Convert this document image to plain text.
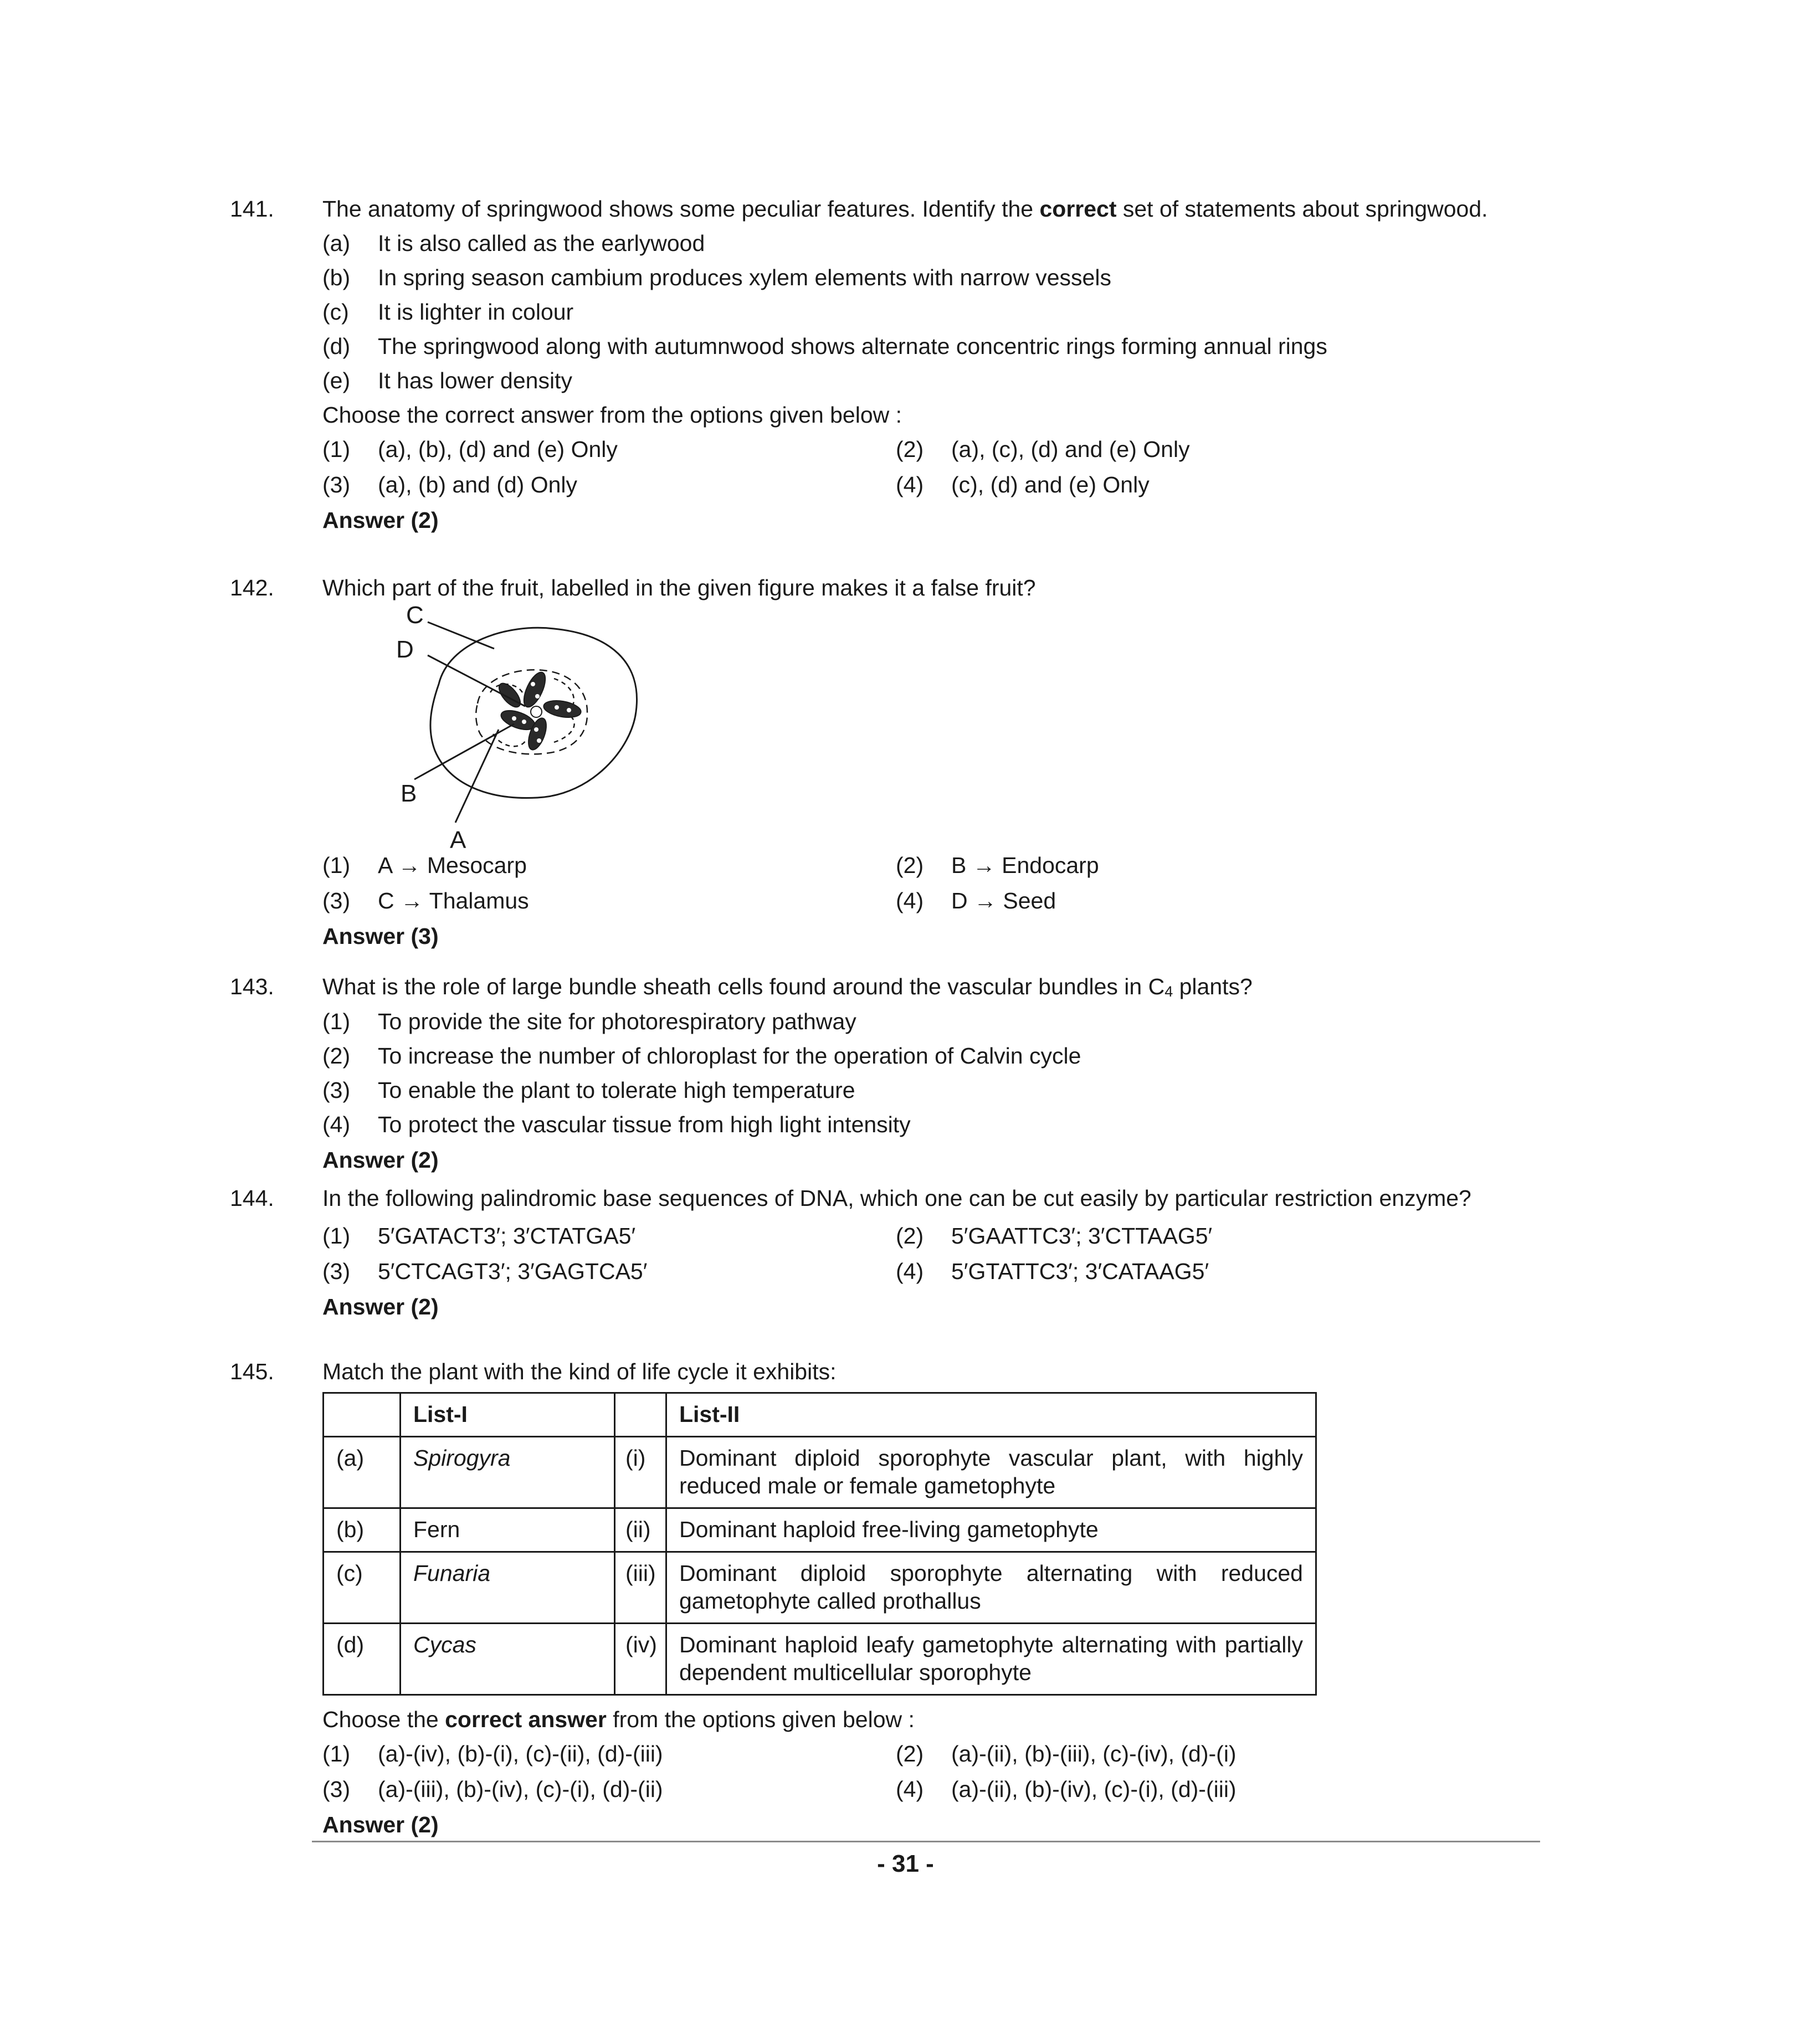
141. The anatomy of springwood shows some peculiar features. Identify the correct set of statements about springwood.
(a) It is also called as the earlywood
(b) In spring season cambium produces xylem elements with narrow vessels
(c) It is lighter in colour
(d) The springwood along with autumnwood shows alternate concentric rings forming annual rings
(e) It has lower density
Choose the correct answer from the options given below :
(1) (a), (b), (d) and (e) Only	(2) (a), (c), (d) and (e) Only
(3) (a), (b) and (d) Only	(4) (c), (d) and (e) Only
Answer (2)
142. Which part of the fruit, labelled in the given figure makes it a false fruit?
C
D
B
A
(1) A → Mesocarp	(2) B → Endocarp
(3) C → Thalamus	(4) D → Seed
Answer (3)
143. What is the role of large bundle sheath cells found around the vascular bundles in C4 plants?
(1) To provide the site for photorespiratory pathway
(2) To increase the number of chloroplast for the operation of Calvin cycle
(3) To enable the plant to tolerate high temperature
(4) To protect the vascular tissue from high light intensity
Answer (2)
144. In the following palindromic base sequences of DNA, which one can be cut easily by particular restriction enzyme?
(1) 5′GATACT3′; 3′CTATGA5′	(2) 5′GAATTC3′; 3′CTTAAG5′
(3) 5′CTCAGT3′; 3′GAGTCA5′	(4) 5′GTATTC3′; 3′CATAAG5′
Answer (2)
145. Match the plant with the kind of life cycle it exhibits:
	List-I		List-II
(a)	Spirogyra	(i)	Dominant diploid sporophyte vascular plant, with highly reduced male or female gametophyte
(b)	Fern	(ii)	Dominant haploid free-living gametophyte
(c)	Funaria	(iii)	Dominant diploid sporophyte alternating with reduced gametophyte called prothallus
(d)	Cycas	(iv)	Dominant haploid leafy gametophyte alternating with partially dependent multicellular sporophyte
Choose the correct answer from the options given below :
(1) (a)-(iv), (b)-(i), (c)-(ii), (d)-(iii)	(2) (a)-(ii), (b)-(iii), (c)-(iv), (d)-(i)
(3) (a)-(iii), (b)-(iv), (c)-(i), (d)-(ii)	(4) (a)-(ii), (b)-(iv), (c)-(i), (d)-(iii)
Answer (2)
- 31 -
